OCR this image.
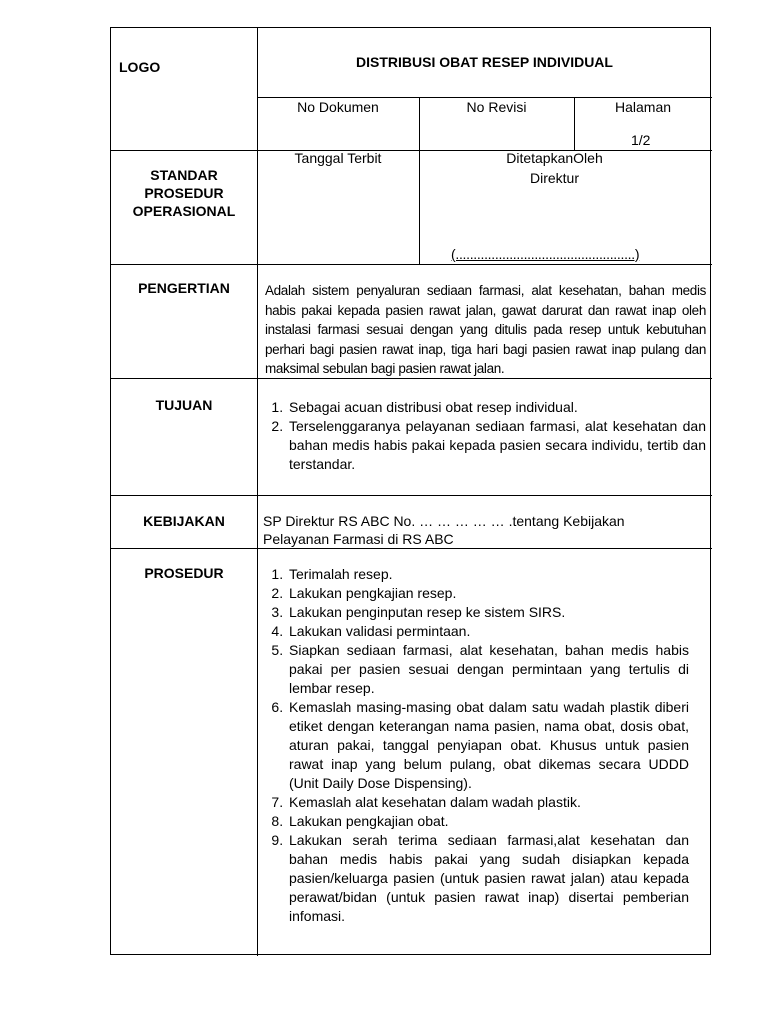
LOGO	DISTRIBUSI OBAT RESEP INDIVIDUAL
No Dokumen	No Revisi	Halaman
1/2
STANDAR
PROSEDUR
OPERASIONAL
Tanggal Terbit	DitetapkanOleh
Direktur
(..................................................)
PENGERTIAN	Adalah sistem penyaluran sediaan farmasi, alat kesehatan, bahan medis habis pakai kepada pasien rawat jalan, gawat darurat dan rawat inap oleh instalasi farmasi sesuai dengan yang ditulis pada resep untuk kebutuhan perhari bagi pasien rawat inap, tiga hari bagi pasien rawat inap pulang dan maksimal sebulan bagi pasien rawat jalan.
TUJUAN	1. Sebagai acuan distribusi obat resep individual.
2. Terselenggaranya pelayanan sediaan farmasi, alat kesehatan dan bahan medis habis pakai kepada pasien secara individu, tertib dan terstandar.
KEBIJAKAN	SP Direktur RS ABC No. … … … … … .tentang Kebijakan
Pelayanan Farmasi di RS ABC
PROSEDUR	1. Terimalah resep.
2. Lakukan pengkajian resep.
3. Lakukan penginputan resep ke sistem SIRS.
4. Lakukan validasi permintaan.
5. Siapkan sediaan farmasi, alat kesehatan, bahan medis habis pakai per pasien sesuai dengan permintaan yang tertulis di lembar resep.
6. Kemaslah masing-masing obat dalam satu wadah plastik diberi etiket dengan keterangan nama pasien, nama obat, dosis obat, aturan pakai, tanggal penyiapan obat. Khusus untuk pasien rawat inap yang belum pulang, obat dikemas secara UDDD (Unit Daily Dose Dispensing).
7. Kemaslah alat kesehatan dalam wadah plastik.
8. Lakukan pengkajian obat.
9. Lakukan serah terima sediaan farmasi,alat kesehatan dan bahan medis habis pakai yang sudah disiapkan kepada pasien/keluarga pasien (untuk pasien rawat jalan) atau kepada perawat/bidan (untuk pasien rawat inap) disertai pemberian infomasi.
